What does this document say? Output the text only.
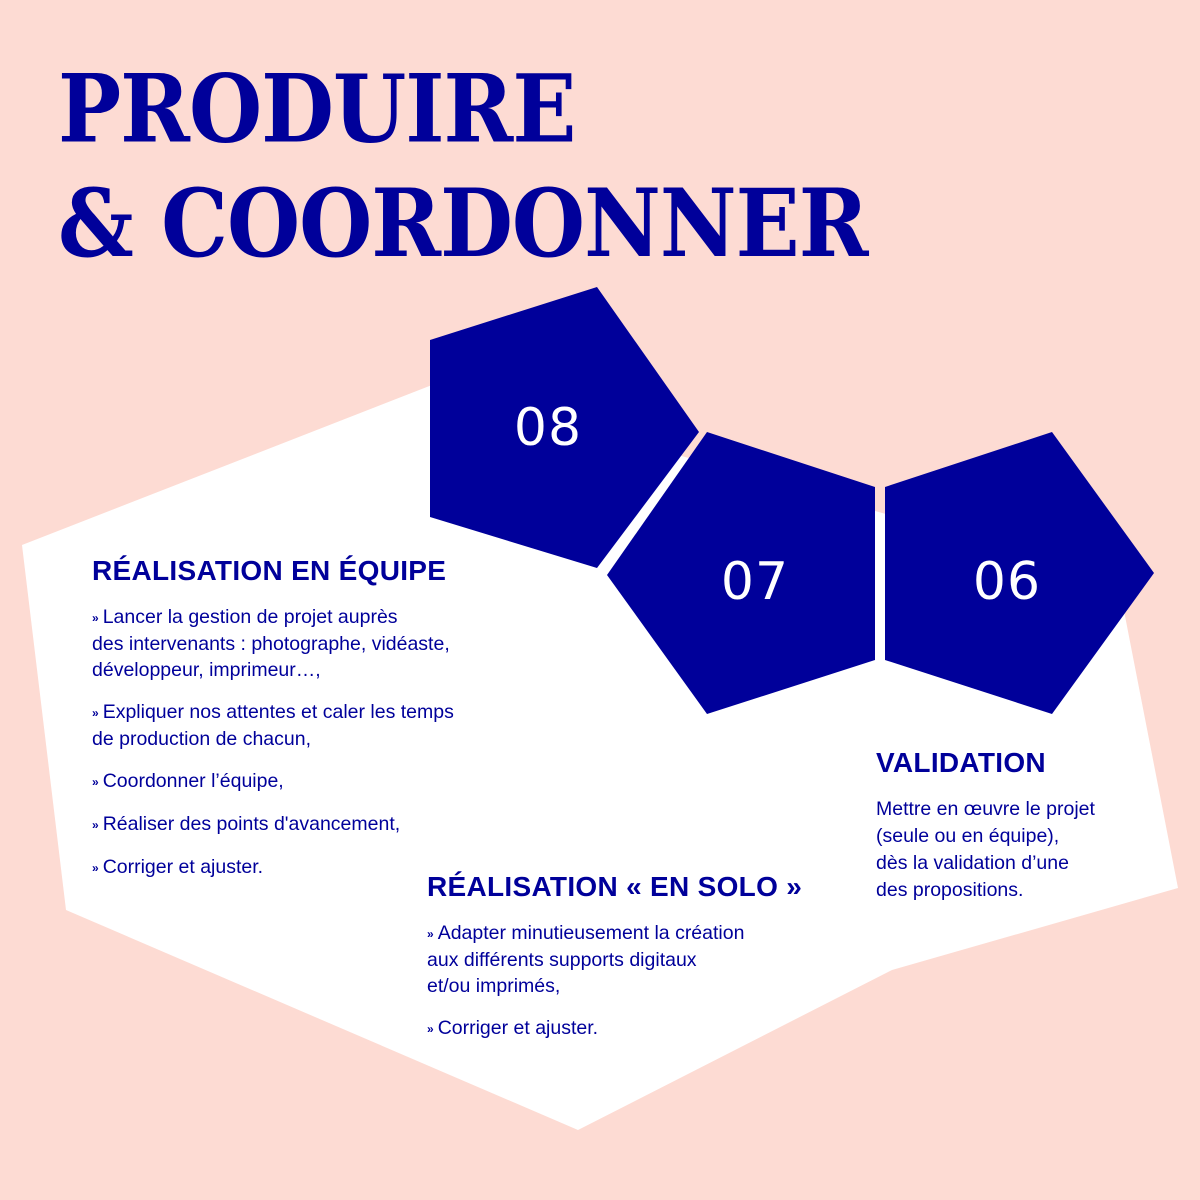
PRODUIRE
& COORDONNER
08
07	06
RÉALISATION EN ÉQUIPE
» Lancer la gestion de projet auprès
des intervenants : photographe, vidéaste,
développeur, imprimeur…,
» Expliquer nos attentes et caler les temps
de production de chacun,
» Coordonner l’équipe,
» Réaliser des points d'avancement,
» Corriger et ajuster.
RÉALISATION « EN SOLO »
» Adapter minutieusement la création
aux différents supports digitaux
et/ou imprimés,
» Corriger et ajuster.
VALIDATION

Mettre en œuvre le projet
(seule ou en équipe),
dès la validation d’une
des propositions.
